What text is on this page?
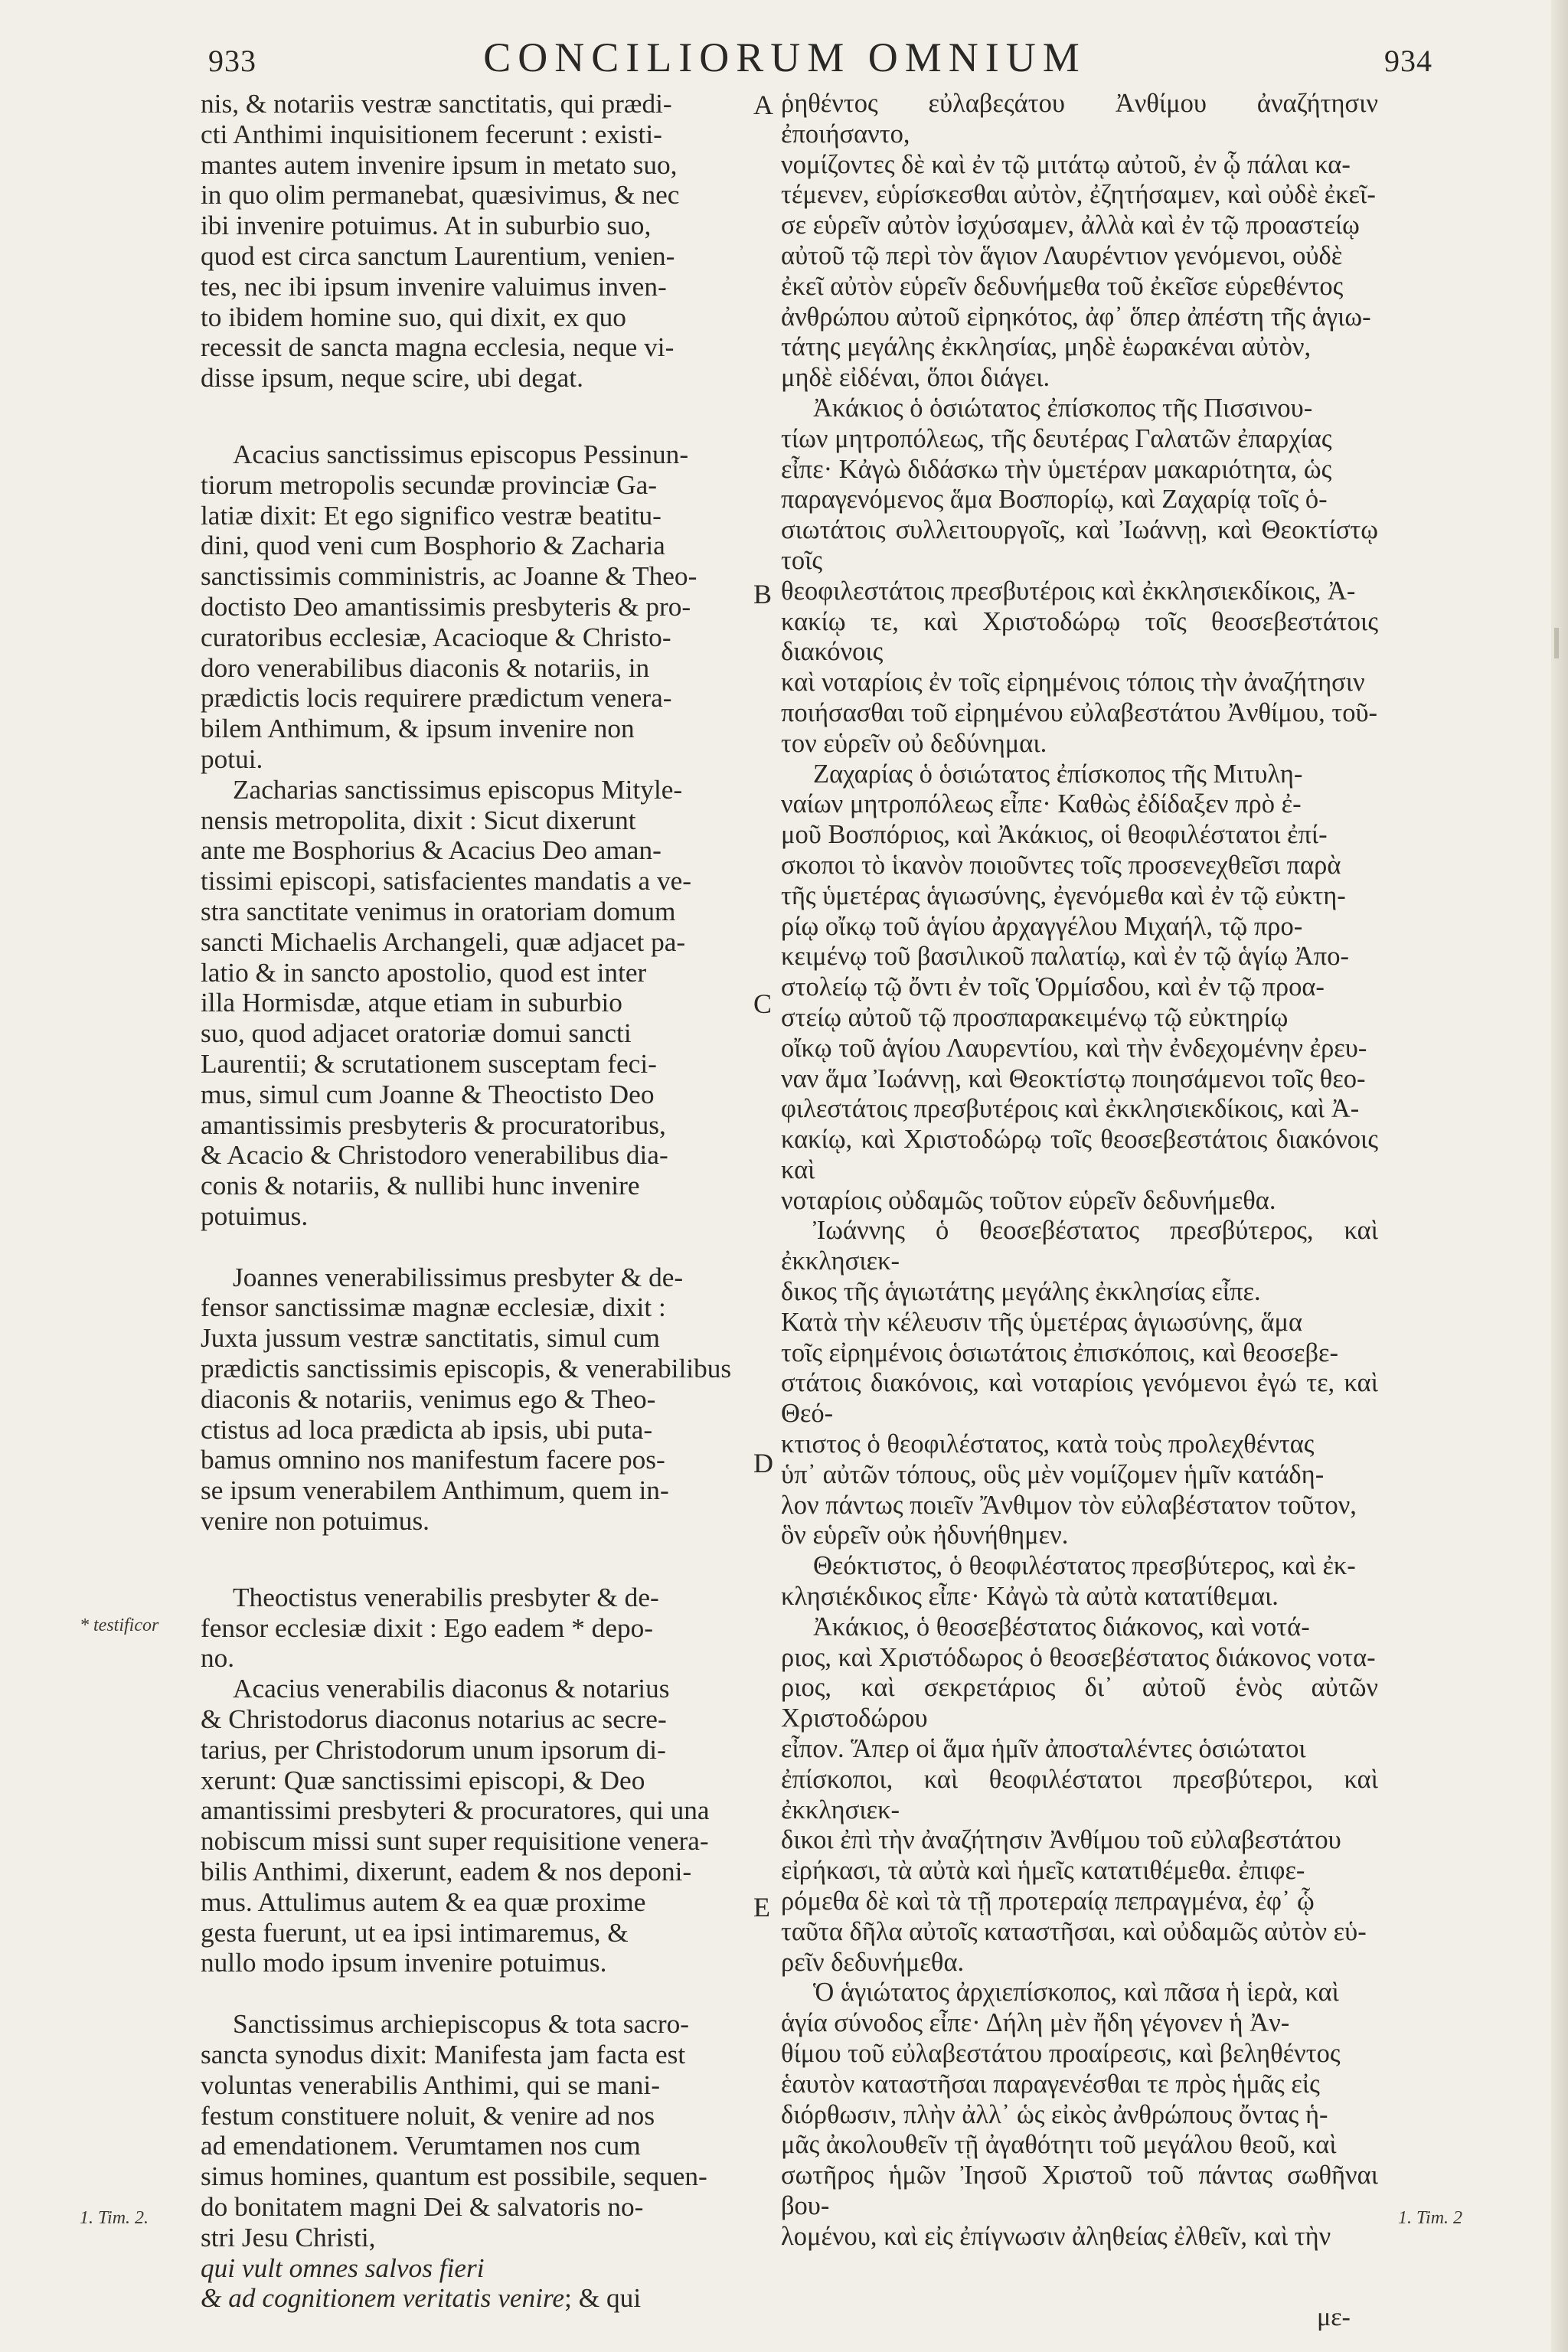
933	CONCILIORUM OMNIUM	934
A
B
C
D
E
* testificor
1. Tim. 2.	1. Tim. 2
nis, & notariis vestræ sanctitatis, qui prædi-
cti Anthimi inquisitionem fecerunt : existi-
mantes autem invenire ipsum in metato suo,
in quo olim permanebat, quæsivimus, & nec
ibi invenire potuimus. At in suburbio suo,
quod est circa sanctum Laurentium, venien-
tes, nec ibi ipsum invenire valuimus inven-
to ibidem homine suo, qui dixit, ex quo
recessit de sancta magna ecclesia, neque vi-
disse ipsum, neque scire, ubi degat.

Acacius sanctissimus episcopus Pessinun-
tiorum metropolis secundæ provinciæ Ga-
latiæ dixit: Et ego significo vestræ beatitu-
dini, quod veni cum Bosphorio & Zacharia
sanctissimis comministris, ac Joanne & Theo-
doctisto Deo amantissimis presbyteris & pro-
curatoribus ecclesiæ, Acacioque & Christo-
doro venerabilibus diaconis & notariis, in
prædictis locis requirere prædictum venera-
bilem Anthimum, & ipsum invenire non
potui.

Zacharias sanctissimus episcopus Mityle-
nensis metropolita, dixit : Sicut dixerunt
ante me Bosphorius & Acacius Deo aman-
tissimi episcopi, satisfacientes mandatis a ve-
stra sanctitate venimus in oratoriam domum
sancti Michaelis Archangeli, quæ adjacet pa-
latio & in sancto apostolio, quod est inter
illa Hormisdæ, atque etiam in suburbio
suo, quod adjacet oratoriæ domui sancti
Laurentii; & scrutationem susceptam feci-
mus, simul cum Joanne & Theoctisto Deo
amantissimis presbyteris & procuratoribus,
& Acacio & Christodoro venerabilibus dia-
conis & notariis, & nullibi hunc invenire
potuimus.

Joannes venerabilissimus presbyter & de-
fensor sanctissimæ magnæ ecclesiæ, dixit :
Juxta jussum vestræ sanctitatis, simul cum
prædictis sanctissimis episcopis, & venerabilibus
diaconis & notariis, venimus ego & Theo-
ctistus ad loca prædicta ab ipsis, ubi puta-
bamus omnino nos manifestum facere pos-
se ipsum venerabilem Anthimum, quem in-
venire non potuimus.

Theoctistus venerabilis presbyter & de-
fensor ecclesiæ dixit : Ego eadem * depo-
no.

Acacius venerabilis diaconus & notarius
& Christodorus diaconus notarius ac secre-
tarius, per Christodorum unum ipsorum di-
xerunt: Quæ sanctissimi episcopi, & Deo
amantissimi presbyteri & procuratores, qui una
nobiscum missi sunt super requisitione venera-
bilis Anthimi, dixerunt, eadem & nos deponi-
mus. Attulimus autem & ea quæ proxime
gesta fuerunt, ut ea ipsi intimaremus, &
nullo modo ipsum invenire potuimus.

Sanctissimus archiepiscopus & tota sacro-
sancta synodus dixit: Manifesta jam facta est
voluntas venerabilis Anthimi, qui se mani-
festum constituere noluit, & venire ad nos
ad emendationem. Verumtamen nos cum
simus homines, quantum est possibile, sequen-
do bonitatem magni Dei & salvatoris no-
stri Jesu Christi,
qui vult omnes salvos fieri
& ad cognitionem veritatis venire; & qui
ῥηθέντος εὐλαβεςάτου Ἀνθίμου ἀναζήτησιν ἐποιήσαντο,
νομίζοντες δὲ καὶ ἐν τῷ μιτάτῳ αὐτοῦ, ἐν ᾧ πάλαι κα-
τέμενεν, εὑρίσκεσθαι αὐτὸν, ἐζητήσαμεν, καὶ οὐδὲ ἐκεῖ-
σε εὑρεῖν αὐτὸν ἰσχύσαμεν, ἀλλὰ καὶ ἐν τῷ προαστείῳ
αὐτοῦ τῷ περὶ τὸν ἅγιον Λαυρέντιον γενόμενοι, οὐδὲ
ἐκεῖ αὐτὸν εὑρεῖν δεδυνήμεθα τοῦ ἐκεῖσε εὑρεθέντος
ἀνθρώπου αὐτοῦ εἰρηκότος, ἀφ᾽ ὅπερ ἀπέστη τῆς ἁγιω-
τάτης μεγάλης ἐκκλησίας, μηδὲ ἑωρακέναι αὐτὸν,
μηδὲ εἰδέναι, ὅποι διάγει.

Ἀκάκιος ὁ ὁσιώτατος ἐπίσκοπος τῆς Πισσινου-
τίων μητροπόλεως, τῆς δευτέρας Γαλατῶν ἐπαρχίας
εἶπε· Κἀγὼ διδάσκω τὴν ὑμετέραν μακαριότητα, ὡς
παραγενόμενος ἅμα Βοσπορίῳ, καὶ Ζαχαρίᾳ τοῖς ὁ-
σιωτάτοις συλλειτουργοῖς, καὶ Ἰωάννῃ, καὶ Θεοκτίστῳ τοῖς
θεοφιλεστάτοις πρεσβυτέροις καὶ ἐκκλησιεκδίκοις, Ἀ-
κακίῳ τε, καὶ Χριστοδώρῳ τοῖς θεοσεβεστάτοις διακόνοις
καὶ νοταρίοις ἐν τοῖς εἰρημένοις τόποις τὴν ἀναζήτησιν
ποιήσασθαι τοῦ εἰρημένου εὐλαβεστάτου Ἀνθίμου, τοῦ-
τον εὑρεῖν οὐ δεδύνημαι.

Ζαχαρίας ὁ ὁσιώτατος ἐπίσκοπος τῆς Μιτυλη-
ναίων μητροπόλεως εἶπε· Καθὼς ἐδίδαξεν πρὸ ἐ-
μοῦ Βοσπόριος, καὶ Ἀκάκιος, οἱ θεοφιλέστατοι ἐπί-
σκοποι τὸ ἱκανὸν ποιοῦντες τοῖς προσενεχθεῖσι παρὰ
τῆς ὑμετέρας ἁγιωσύνης, ἐγενόμεθα καὶ ἐν τῷ εὐκτη-
ρίῳ οἴκῳ τοῦ ἁγίου ἀρχαγγέλου Μιχαήλ, τῷ προ-
κειμένῳ τοῦ βασιλικοῦ παλατίῳ, καὶ ἐν τῷ ἁγίῳ Ἀπο-
στολείῳ τῷ ὄντι ἐν τοῖς Ὁρμίσδου, καὶ ἐν τῷ προα-
στείῳ αὐτοῦ τῷ προσπαρακειμένῳ τῷ εὐκτηρίῳ
οἴκῳ τοῦ ἁγίου Λαυρεντίου, καὶ τὴν ἐνδεχομένην ἐρευ-
ναν ἅμα Ἰωάννῃ, καὶ Θεοκτίστῳ ποιησάμενοι τοῖς θεο-
φιλεστάτοις πρεσβυτέροις καὶ ἐκκλησιεκδίκοις, καὶ Ἀ-
κακίῳ, καὶ Χριστοδώρῳ τοῖς θεοσεβεστάτοις διακόνοις καὶ
νοταρίοις οὐδαμῶς τοῦτον εὑρεῖν δεδυνήμεθα.

Ἰωάννης ὁ θεοσεβέστατος πρεσβύτερος, καὶ ἐκκλησιεκ-
δικος τῆς ἁγιωτάτης μεγάλης ἐκκλησίας εἶπε.
Κατὰ τὴν κέλευσιν τῆς ὑμετέρας ἁγιωσύνης, ἅμα
τοῖς εἰρημένοις ὁσιωτάτοις ἐπισκόποις, καὶ θεοσεβε-
στάτοις διακόνοις, καὶ νοταρίοις γενόμενοι ἐγώ τε, καὶ Θεό-
κτιστος ὁ θεοφιλέστατος, κατὰ τοὺς προλεχθέντας
ὑπ᾽ αὐτῶν τόπους, οὓς μὲν νομίζομεν ἡμῖν κατάδη-
λον πάντως ποιεῖν Ἄνθιμον τὸν εὐλαβέστατον τοῦτον,
ὃν εὑρεῖν οὐκ ἠδυνήθημεν.

Θεόκτιστος, ὁ θεοφιλέστατος πρεσβύτερος, καὶ ἐκ-
κλησιέκδικος εἶπε· Κἀγὼ τὰ αὐτὰ κατατίθεμαι.

Ἀκάκιος, ὁ θεοσεβέστατος διάκονος, καὶ νοτά-
ριος, καὶ Χριστόδωρος ὁ θεοσεβέστατος διάκονος νοτα-
ριος, καὶ σεκρετάριος δι᾽ αὐτοῦ ἑνὸς αὐτῶν Χριστοδώρου
εἶπον. Ἅπερ οἱ ἅμα ἡμῖν ἀποσταλέντες ὁσιώτατοι
ἐπίσκοποι, καὶ θεοφιλέστατοι πρεσβύτεροι, καὶ ἐκκλησιεκ-
δικοι ἐπὶ τὴν ἀναζήτησιν Ἀνθίμου τοῦ εὐλαβεστάτου
εἰρήκασι, τὰ αὐτὰ καὶ ἡμεῖς κατατιθέμεθα. ἐπιφε-
ρόμεθα δὲ καὶ τὰ τῇ προτεραίᾳ πεπραγμένα, ἐφ᾽ ᾧ
ταῦτα δῆλα αὐτοῖς καταστῆσαι, καὶ οὐδαμῶς αὐτὸν εὑ-
ρεῖν δεδυνήμεθα.

Ὁ ἁγιώτατος ἀρχιεπίσκοπος, καὶ πᾶσα ἡ ἱερὰ, καὶ
ἁγία σύνοδος εἶπε· Δήλη μὲν ἤδη γέγονεν ἡ Ἀν-
θίμου τοῦ εὐλαβεστάτου προαίρεσις, καὶ βεληθέντος
ἑαυτὸν καταστῆσαι παραγενέσθαι τε πρὸς ἡμᾶς εἰς
διόρθωσιν, πλὴν ἀλλ᾽ ὡς εἰκὸς ἀνθρώπους ὄντας ἡ-
μᾶς ἀκολουθεῖν τῇ ἀγαθότητι τοῦ μεγάλου θεοῦ, καὶ
σωτῆρος ἡμῶν Ἰησοῦ Χριστοῦ τοῦ πάντας σωθῆναι βου-
λομένου, καὶ εἰς ἐπίγνωσιν ἀληθείας ἐλθεῖν, καὶ τὴν

με-
